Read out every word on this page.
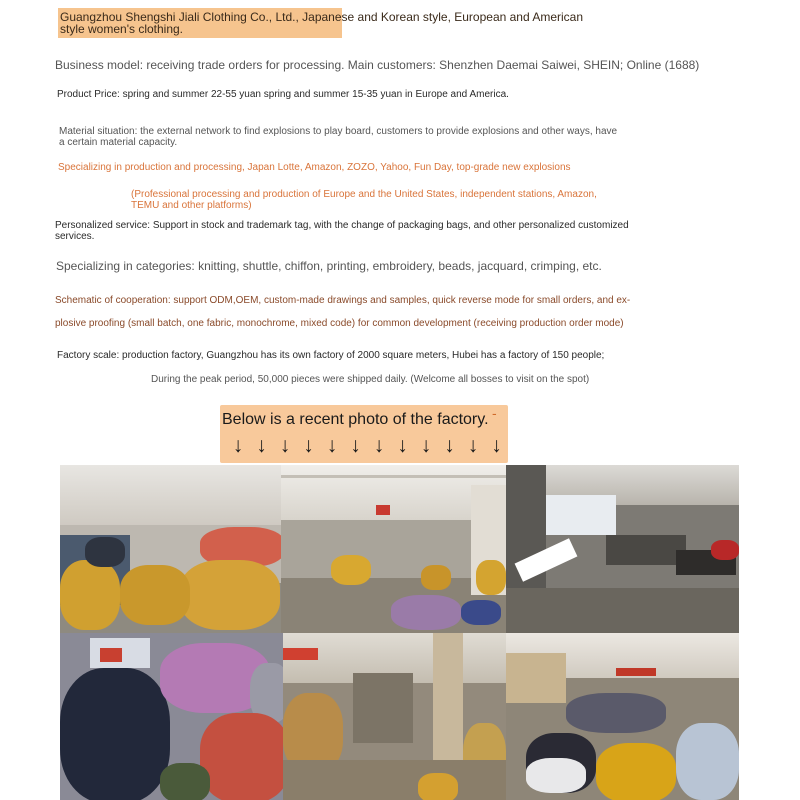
Guangzhou Shengshi Jiali Clothing Co., Ltd., Japanese and Korean style, European and American style women's clothing.
Business model: receiving trade orders for processing. Main customers: Shenzhen Daemai Saiwei, SHEIN; Online (1688)
Product Price: spring and summer 22-55 yuan spring and summer 15-35 yuan in Europe and America.
Material situation: the external network to find explosions to play board, customers to provide explosions and other ways, have a certain material capacity.
Specializing in production and processing, Japan Lotte, Amazon, ZOZO, Yahoo, Fun Day, top-grade new explosions
(Professional processing and production of Europe and the United States, independent stations, Amazon, TEMU and other platforms)
Personalized service: Support in stock and trademark tag, with the change of packaging bags, and other personalized customized services.
Specializing in categories: knitting, shuttle, chiffon, printing, embroidery, beads, jacquard, crimping, etc.
Schematic of cooperation: support ODM,OEM, custom-made drawings and samples, quick reverse mode for small orders, and ex-
plosive proofing (small batch, one fabric, monochrome, mixed code) for common development (receiving production order mode)
Factory scale: production factory, Guangzhou has its own factory of 2000 square meters, Hubei has a factory of 150 people;
During the peak period, 50,000 pieces were shipped daily. (Welcome all bosses to visit on the spot)
Below is a recent photo of the factory. -
↓ ↓ ↓ ↓ ↓ ↓ ↓ ↓ ↓ ↓ ↓ ↓
